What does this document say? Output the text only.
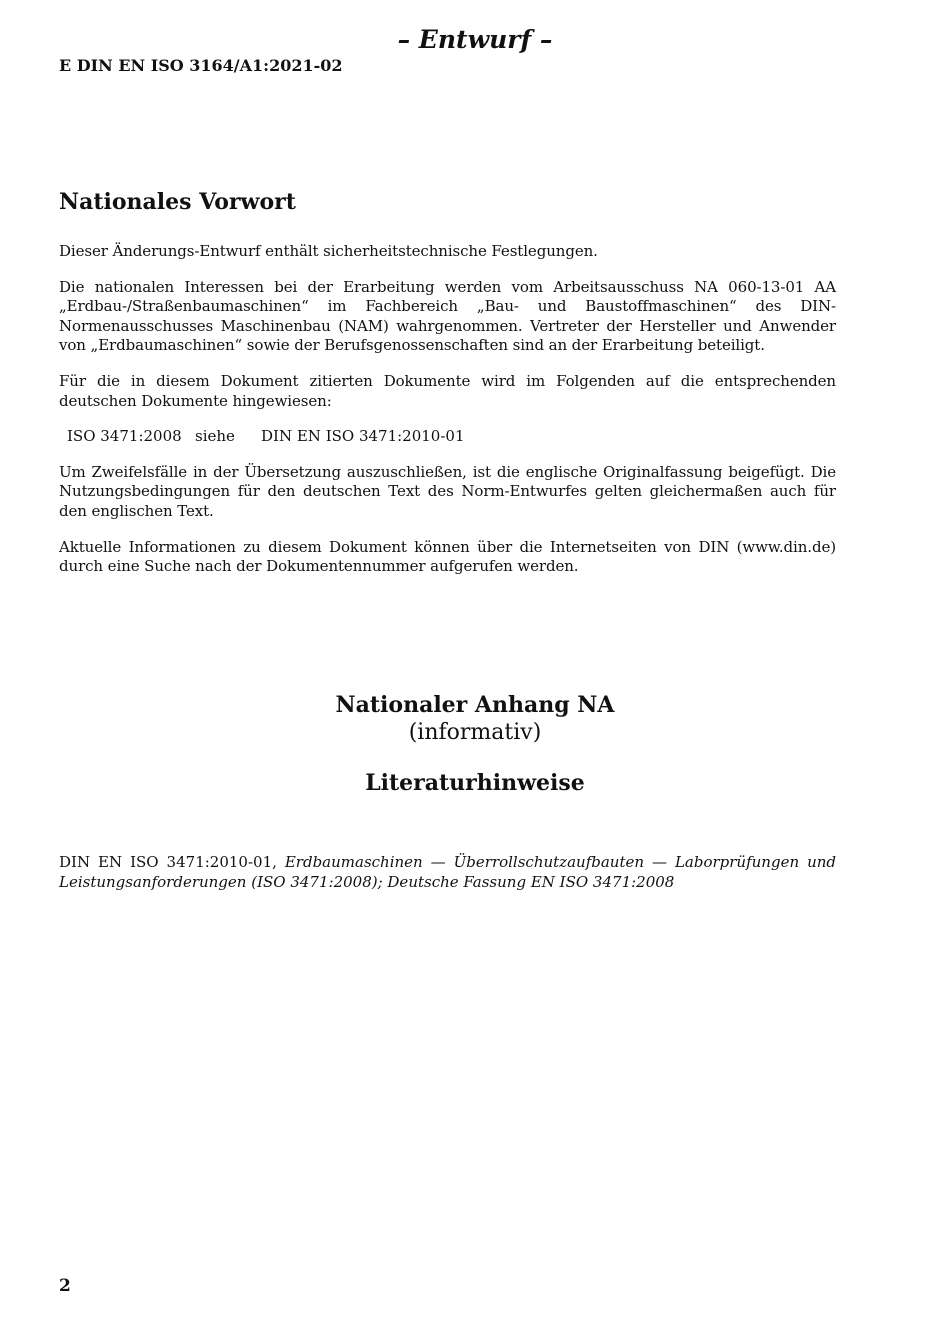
– Entwurf –
E DIN EN ISO 3164/A1:2021-02
Nationales Vorwort

Dieser Änderungs-Entwurf enthält sicherheitstechnische Festlegungen.

Die nationalen Interessen bei der Erarbeitung werden vom Arbeitsausschuss NA 060-13-01 AA „Erdbau-/Straßenbaumaschinen“ im Fachbereich „Bau- und Baustoffmaschinen“ des DIN-Normenausschusses Maschinenbau (NAM) wahrgenommen. Vertreter der Hersteller und Anwender von „Erdbaumaschinen“ sowie der Berufsgenossenschaften sind an der Erarbeitung beteiligt.

Für die in diesem Dokument zitierten Dokumente wird im Folgenden auf die entsprechenden deutschen Dokumente hingewiesen:

ISO 3471:2008 siehe	DIN EN ISO 3471:2010-01

Um Zweifelsfälle in der Übersetzung auszuschließen, ist die englische Originalfassung beigefügt. Die Nutzungsbedingungen für den deutschen Text des Norm-Entwurfes gelten gleichermaßen auch für den englischen Text.

Aktuelle Informationen zu diesem Dokument können über die Internetseiten von DIN (www.din.de) durch eine Suche nach der Dokumentennummer aufgerufen werden.

Nationaler Anhang NA
(informativ)
Literaturhinweise
DIN EN ISO 3471:2010-01, Erdbaumaschinen — Überrollschutzaufbauten — Laborprüfungen und Leistungsanforderungen (ISO 3471:2008); Deutsche Fassung EN ISO 3471:2008
2
